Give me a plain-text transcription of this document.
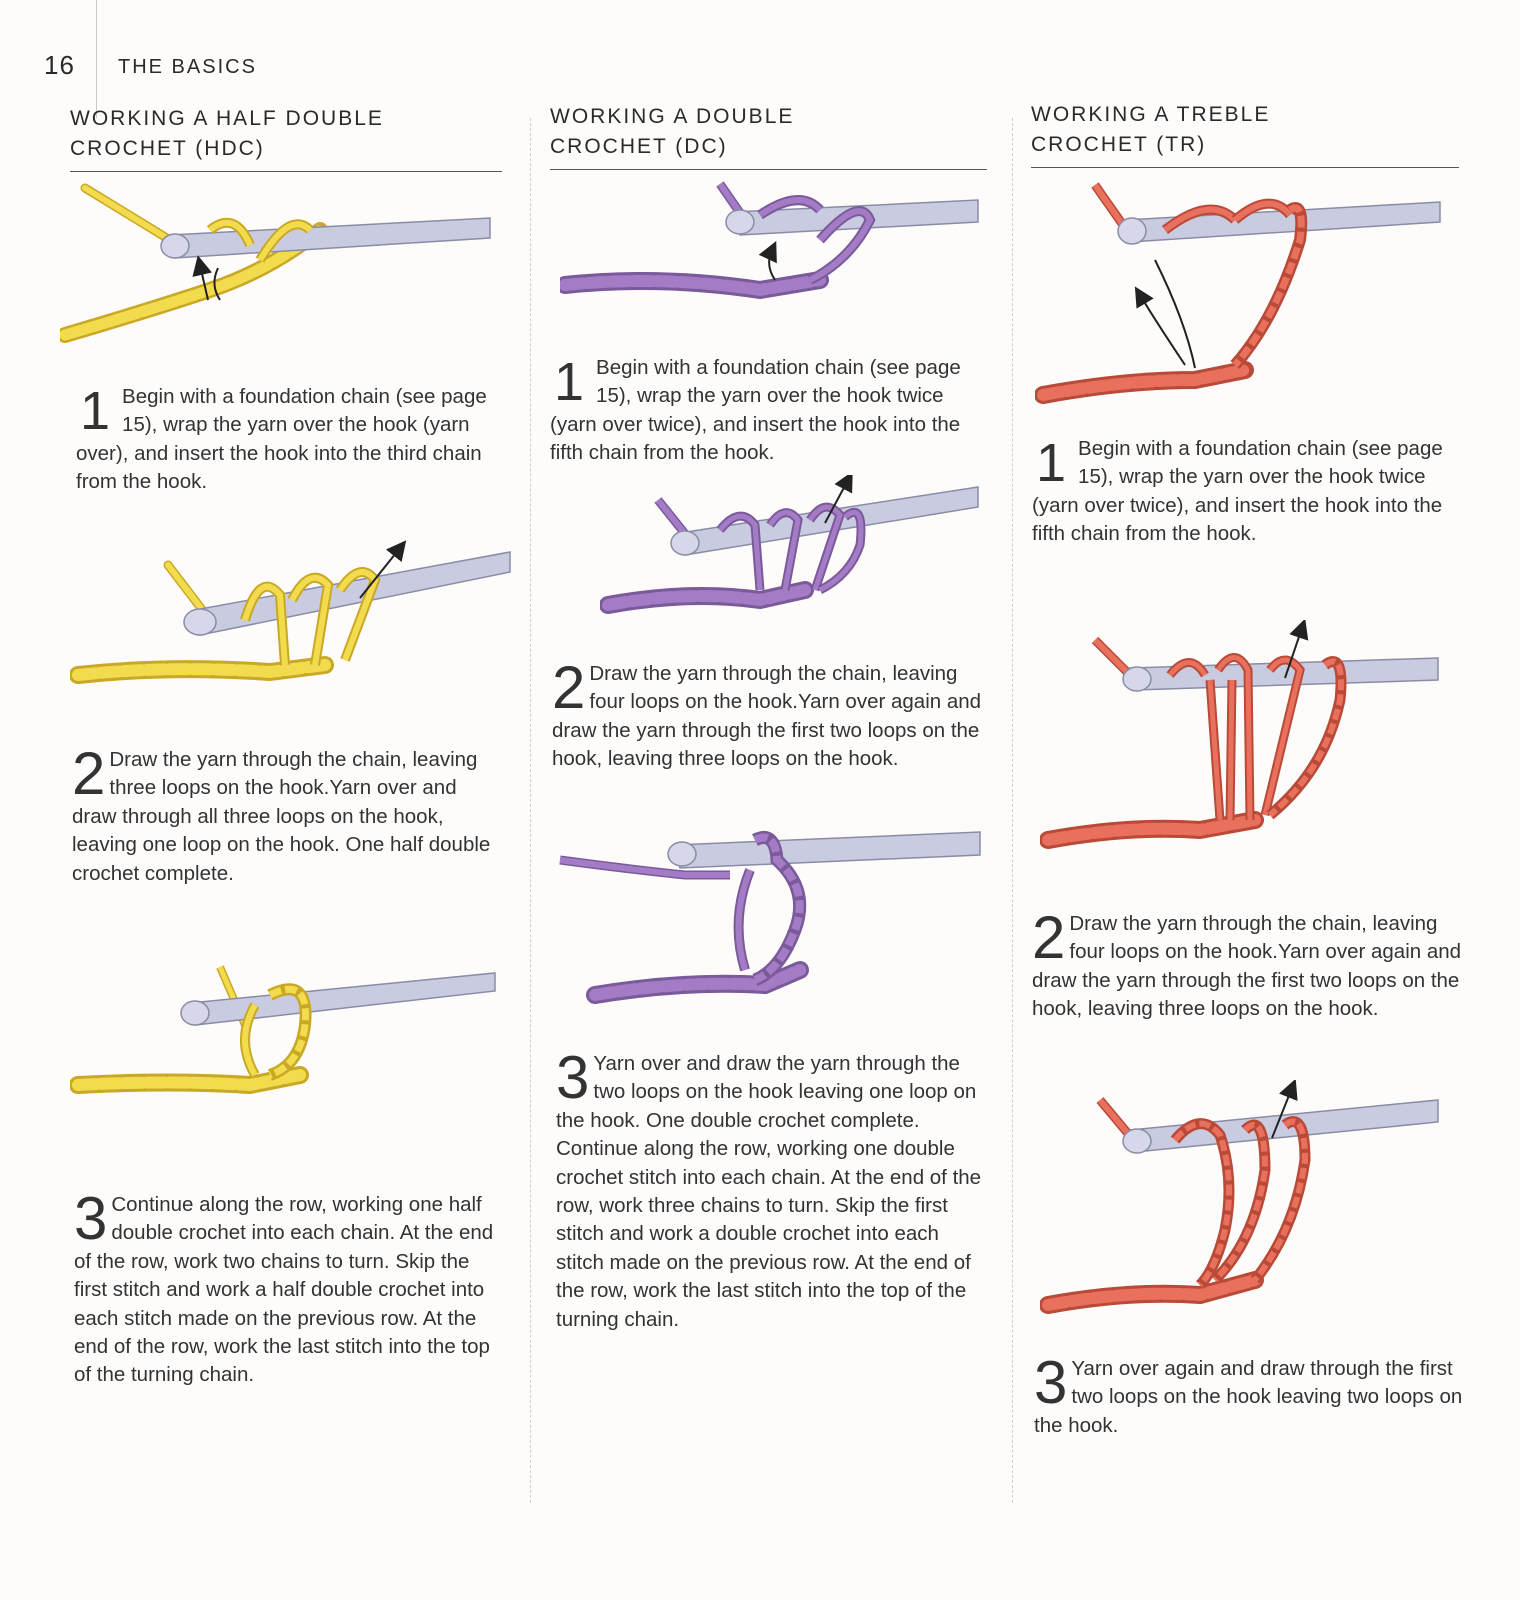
16 THE BASICS
WORKING A HALF DOUBLE
CROCHET (HDC)
1 Begin with a foundation chain (see page 15), wrap the yarn over the hook (yarn over), and insert the hook into the third chain from the hook.
2 Draw the yarn through the chain, leaving three loops on the hook.Yarn over and draw through all three loops on the hook, leaving one loop on the hook. One half double crochet complete.
3 Continue along the row, working one half double crochet into each chain. At the end of the row, work two chains to turn. Skip the first stitch and work a half double crochet into each stitch made on the previous row. At the end of the row, work the last stitch into the top of the turning chain.
WORKING A DOUBLE
CROCHET (DC)
1 Begin with a foundation chain (see page 15), wrap the yarn over the hook twice (yarn over twice), and insert the hook into the fifth chain from the hook.
2 Draw the yarn through the chain, leaving four loops on the hook.Yarn over again and draw the yarn through the first two loops on the hook, leaving three loops on the hook.
3 Yarn over and draw the yarn through the two loops on the hook leaving one loop on the hook. One double crochet complete. Continue along the row, working one double crochet stitch into each chain. At the end of the row, work three chains to turn. Skip the first stitch and work a double crochet into each stitch made on the previous row. At the end of the row, work the last stitch into the top of the turning chain.
WORKING A TREBLE
CROCHET (TR)
1 Begin with a foundation chain (see page 15), wrap the yarn over the hook twice (yarn over twice), and insert the hook into the fifth chain from the hook.
2 Draw the yarn through the chain, leaving four loops on the hook.Yarn over again and draw the yarn through the first two loops on the hook, leaving three loops on the hook.
3 Yarn over again and draw through the first two loops on the hook leaving two loops on the hook.
